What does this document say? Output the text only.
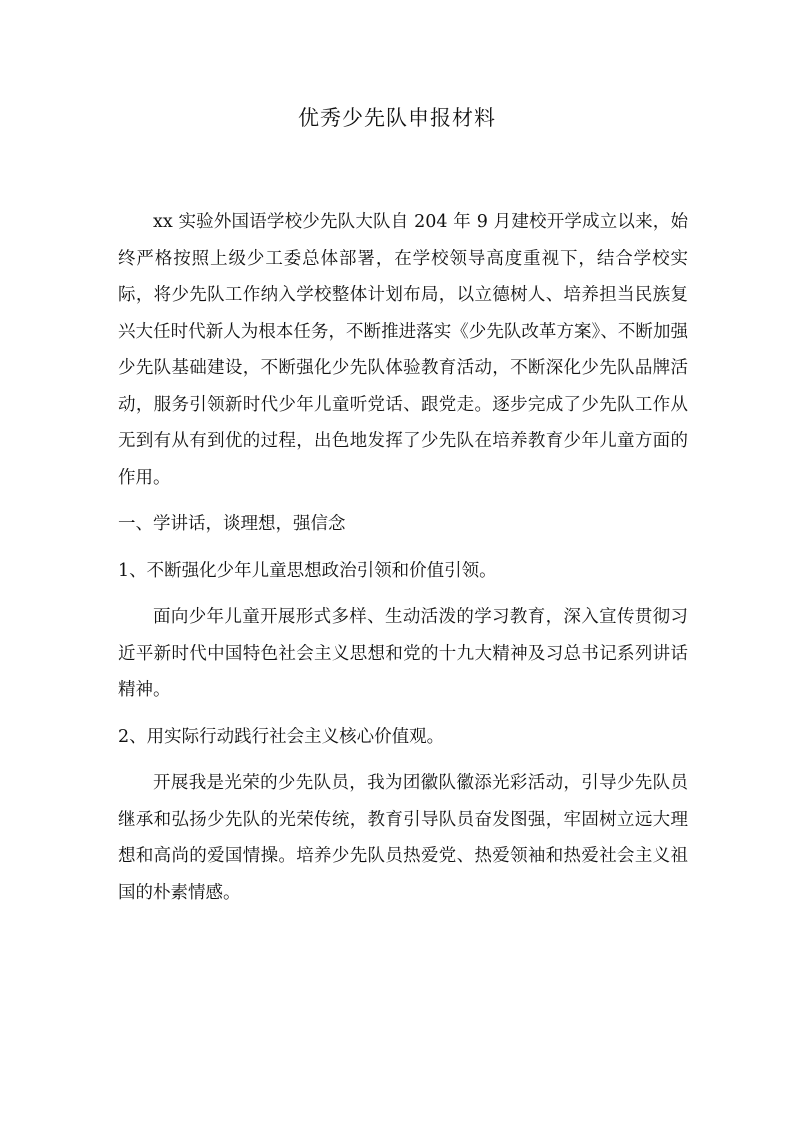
优秀少先队申报材料

xx 实验外国语学校少先队大队自 204 年 9 月建校开学成立以来，始终严格按照上级少工委总体部署，在学校领导高度重视下，结合学校实际，将少先队工作纳入学校整体计划布局，以立德树人、培养担当民族复兴大任时代新人为根本任务，不断推进落实《少先队改革方案》、不断加强少先队基础建设，不断强化少先队体验教育活动，不断深化少先队品牌活动，服务引领新时代少年儿童听党话、跟党走。逐步完成了少先队工作从无到有从有到优的过程，出色地发挥了少先队在培养教育少年儿童方面的作用。

一、学讲话，谈理想，强信念

1、不断强化少年儿童思想政治引领和价值引领。

面向少年儿童开展形式多样、生动活泼的学习教育，深入宣传贯彻习近平新时代中国特色社会主义思想和党的十九大精神及习总书记系列讲话精神。

2、用实际行动践行社会主义核心价值观。

开展我是光荣的少先队员，我为团徽队徽添光彩活动，引导少先队员继承和弘扬少先队的光荣传统，教育引导队员奋发图强，牢固树立远大理想和高尚的爱国情操。培养少先队员热爱党、热爱领袖和热爱社会主义祖国的朴素情感。
